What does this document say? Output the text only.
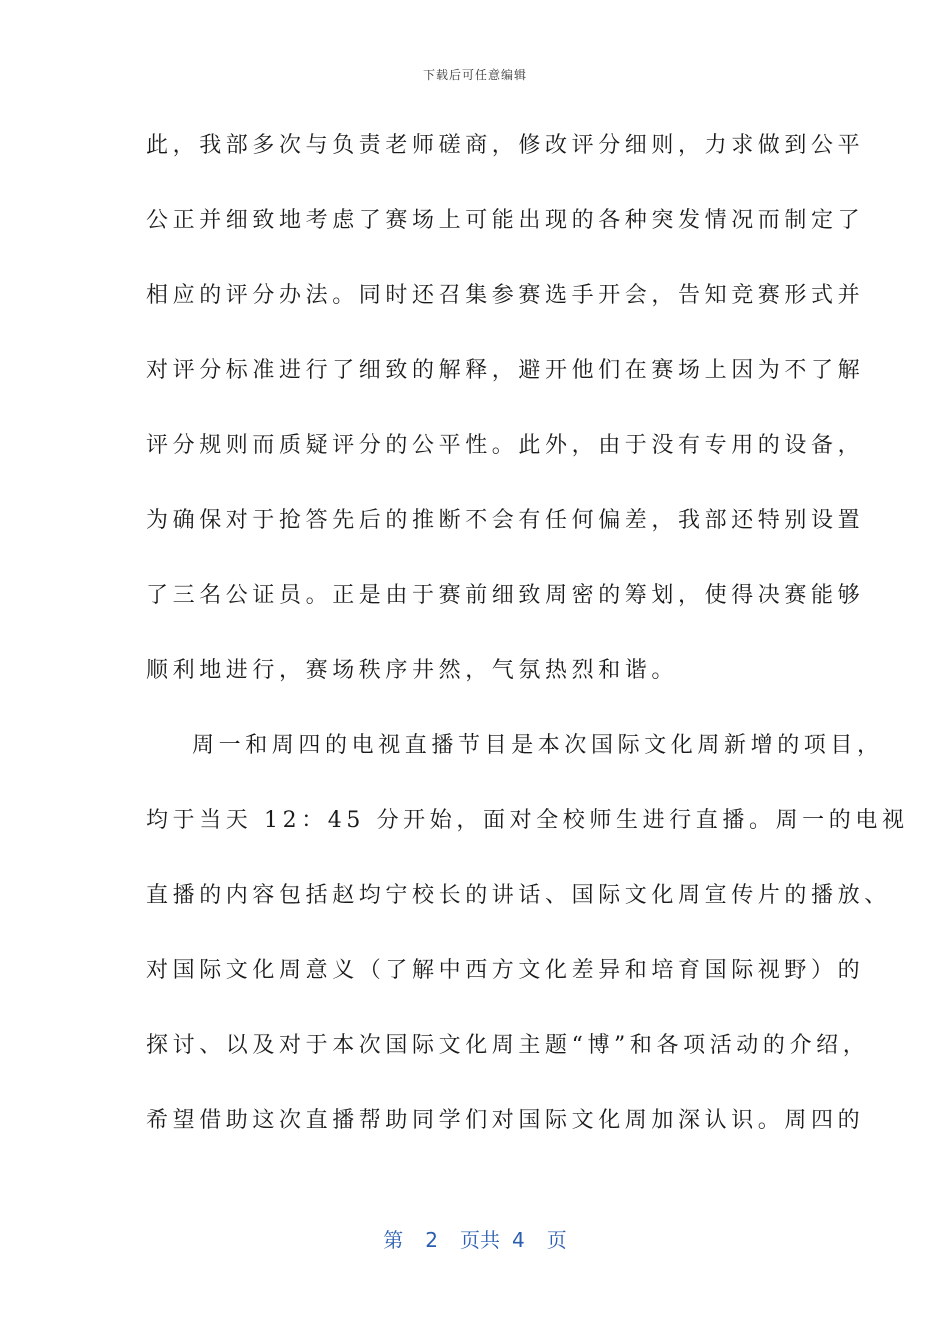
下载后可任意编辑
此，我部多次与负责老师磋商，修改评分细则，力求做到公平
公正并细致地考虑了赛场上可能出现的各种突发情况而制定了
相应的评分办法。同时还召集参赛选手开会，告知竞赛形式并
对评分标准进行了细致的解释，避开他们在赛场上因为不了解
评分规则而质疑评分的公平性。此外，由于没有专用的设备，
为确保对于抢答先后的推断不会有任何偏差，我部还特别设置
了三名公证员。正是由于赛前细致周密的筹划，使得决赛能够
顺利地进行，赛场秩序井然，气氛热烈和谐。
周一和周四的电视直播节目是本次国际文化周新增的项目，
均于当天 12：45 分开始，面对全校师生进行直播。周一的电视
直播的内容包括赵均宁校长的讲话、国际文化周宣传片的播放、
对国际文化周意义（了解中西方文化差异和培育国际视野）的
探讨、以及对于本次国际文化周主题“博”和各项活动的介绍，
希望借助这次直播帮助同学们对国际文化周加深认识。周四的
第 2 页共 4 页
